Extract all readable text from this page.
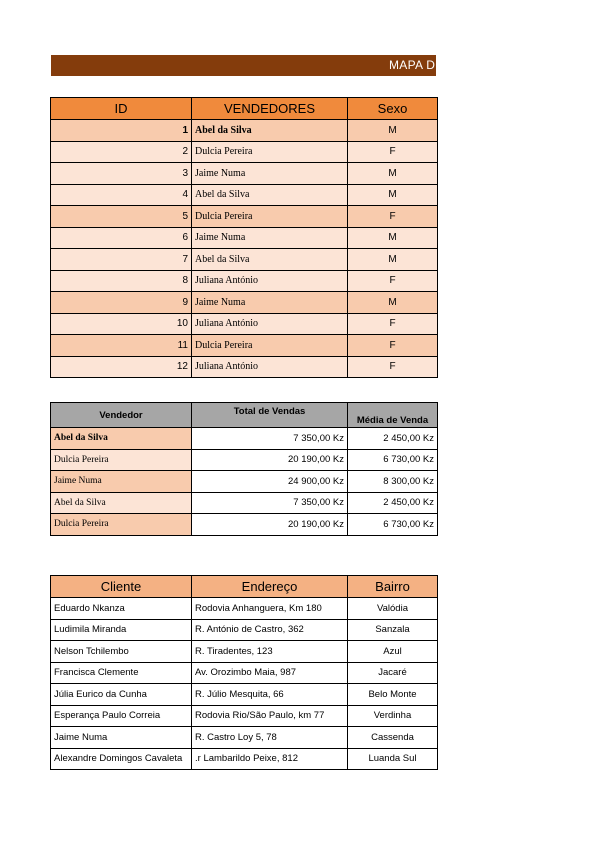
MAPA D
ID	VENDEDORES	Sexo
1	Abel da Silva	M
2	Dulcia Pereira	F
3	Jaime Numa	M
4	Abel da Silva	M
5	Dulcia Pereira	F
6	Jaime Numa	M
7	Abel da Silva	M
8	Juliana António	F
9	Jaime Numa	M
10	Juliana António	F
11	Dulcia Pereira	F
12	Juliana António	F
Vendedor	Total de Vendas	Média de Venda
Abel da Silva	7 350,00 Kz	2 450,00 Kz
Dulcia Pereira	20 190,00 Kz	6 730,00 Kz
Jaime Numa	24 900,00 Kz	8 300,00 Kz
Abel da Silva	7 350,00 Kz	2 450,00 Kz
Dulcia Pereira	20 190,00 Kz	6 730,00 Kz
Cliente	Endereço	Bairro
Eduardo Nkanza	Rodovia Anhanguera, Km 180	Valódia
Ludimila Miranda	R. António de Castro, 362	Sanzala
Nelson Tchilembo	R. Tiradentes, 123	Azul
Francisca Clemente	Av. Orozimbo Maia, 987	Jacaré
Júlia Eurico da Cunha	R. Júlio Mesquita, 66	Belo Monte
Esperança Paulo Correia	Rodovia Rio/São Paulo, km 77	Verdinha
Jaime Numa	R. Castro Loy 5, 78	Cassenda
Alexandre Domingos Cavaleta	.r Lambarildo Peixe, 812	Luanda Sul
